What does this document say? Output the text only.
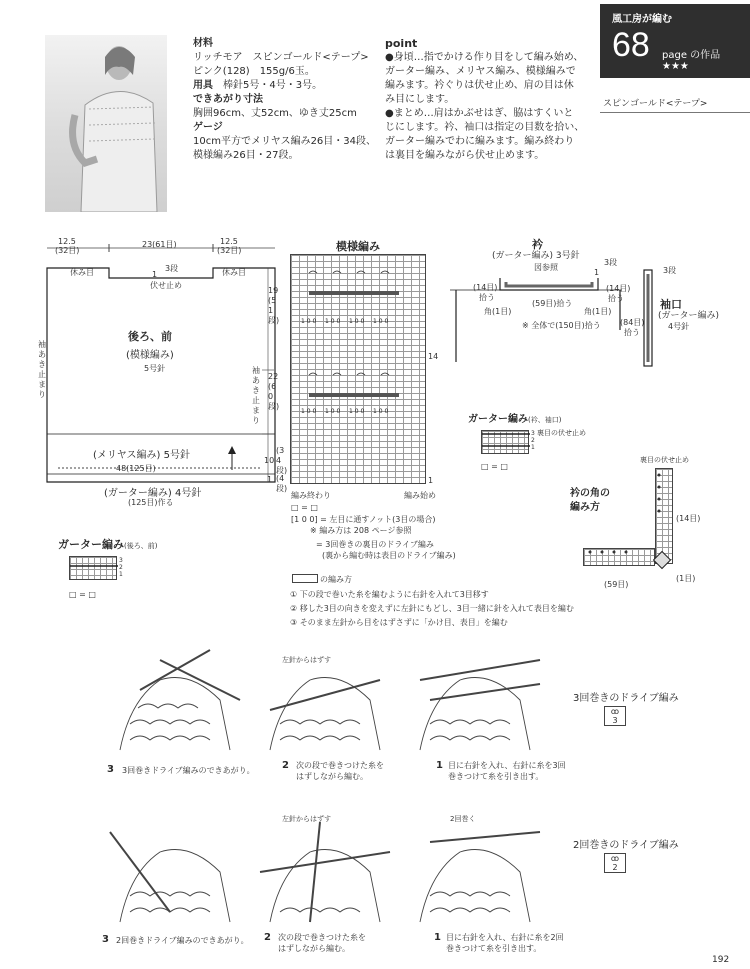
材料
リッチモア　スピンゴールド<テープ>
ピンク(128)　155g/6玉。
用具　 棒針5号・4号・3号。
できあがり寸法
胸囲96cm、丈52cm、ゆき丈25cm
ゲージ
10cm平方でメリヤス編み26目・34段、
模様編み26目・27段。
point
●身頃…指でかける作り目をして編み始め、
ガーター編み、メリヤス編み、模様編みで
編みます。衿ぐりは伏せ止め、肩の目は休
み目にします。
●まとめ…肩はかぶせはぎ、脇はすくいと
じにします。衿、袖口は指定の目数を拾い、
ガーター編みでわに編みます。編み終わり
は裏目を編みながら伏せ止めます。
風工房が編む
68 page の作品 ★★★
スピンゴールド<テープ>
12.5
(32目)
23(61目)	12.5
(32目)
休み目	休み目
3段
1
伏せ止め
後ろ、前
(模様編み)
5号針
袖あき止まり
袖あき止まり
19
(51段)
22
(60段)
10
(34段)
1 (4段)
(メリヤス編み) 5号針
48(125目)
(ガーター編み) 4号針
(125目)作る
模様編み
1 0 0 1 0 0 1 0 0 1 0 0
1 0 0 1 0 0 1 0 0 1 0 0
14
1
編み終わり	編み始め
□ = □
[1 0 0] = 左目に通すノット(3目の場合)
※ 編み方は 208 ページ参照
= 3回巻きの裏目のドライブ編み
(裏から編む時は表目のドライブ編み)
衿
(ガーター編み) 3号針
図参照
3段
1
(14目)
拾う
(59目)拾う
角(1目)	角(1目)
(14目)
拾う
※ 全体で(150目)拾う
3段
袖口
(ガーター編み)
4号針
(84目)
拾う
ガーター編み(衿、袖口)
3
2
1
裏目の伏せ止め
□ = □
裏目の伏せ止め
衿の角の
編み方
(14目)
(59目)
(1目)
ガーター編み(後ろ、前)
3
2
1
□ = □
の編み方
① 下の段で巻いた糸を編むように右針を入れて3目移す
② 移した3目の向きを変えずに左針にもどし、3目一緒に針を入れて表目を編む
③ そのまま左針から目をはずさずに「かけ目、表目」を編む
左針からはずす
3 3回巻きドライブ編みのできあがり。	2 次の段で巻きつけた糸を
はずしながら編む。
1 目に右針を入れ、右針に糸を3回
巻きつけて糸を引き出す。
3回巻きのドライブ編み
ꝏ
3
左針からはずす	2回巻く
3 2回巻きドライブ編みのできあがり。 2 次の段で巻きつけた糸を
はずしながら編む。
1 目に右針を入れ、右針に糸を2回
巻きつけて糸を引き出す。
2回巻きのドライブ編み
ꝏ
2
192
